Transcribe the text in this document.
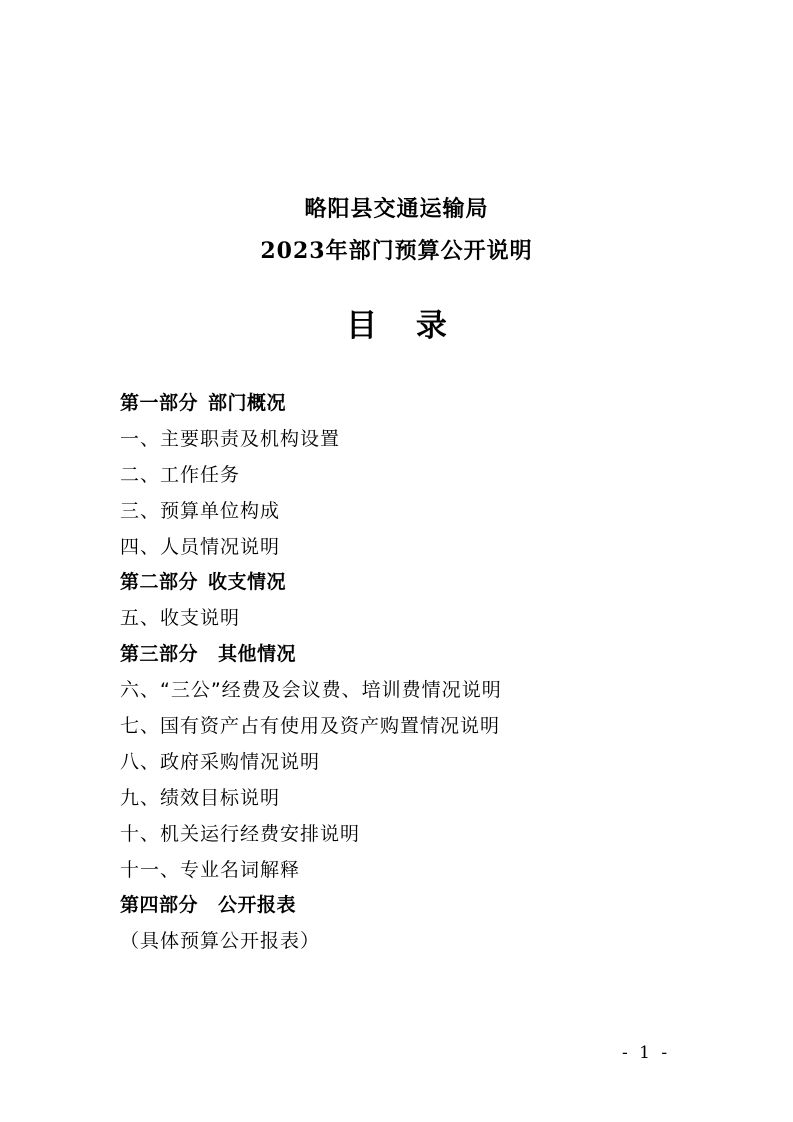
略阳县交通运输局
2023年部门预算公开说明
目 录
第一部分 部门概况
一、主要职责及机构设置
二、工作任务
三、预算单位构成
四、人员情况说明
第二部分 收支情况
五、收支说明
第三部分 其他情况
六、“三公”经费及会议费、培训费情况说明
七、国有资产占有使用及资产购置情况说明
八、政府采购情况说明
九、绩效目标说明
十、机关运行经费安排说明
十一、专业名词解释
第四部分 公开报表
（具体预算公开报表）
- 1 -
